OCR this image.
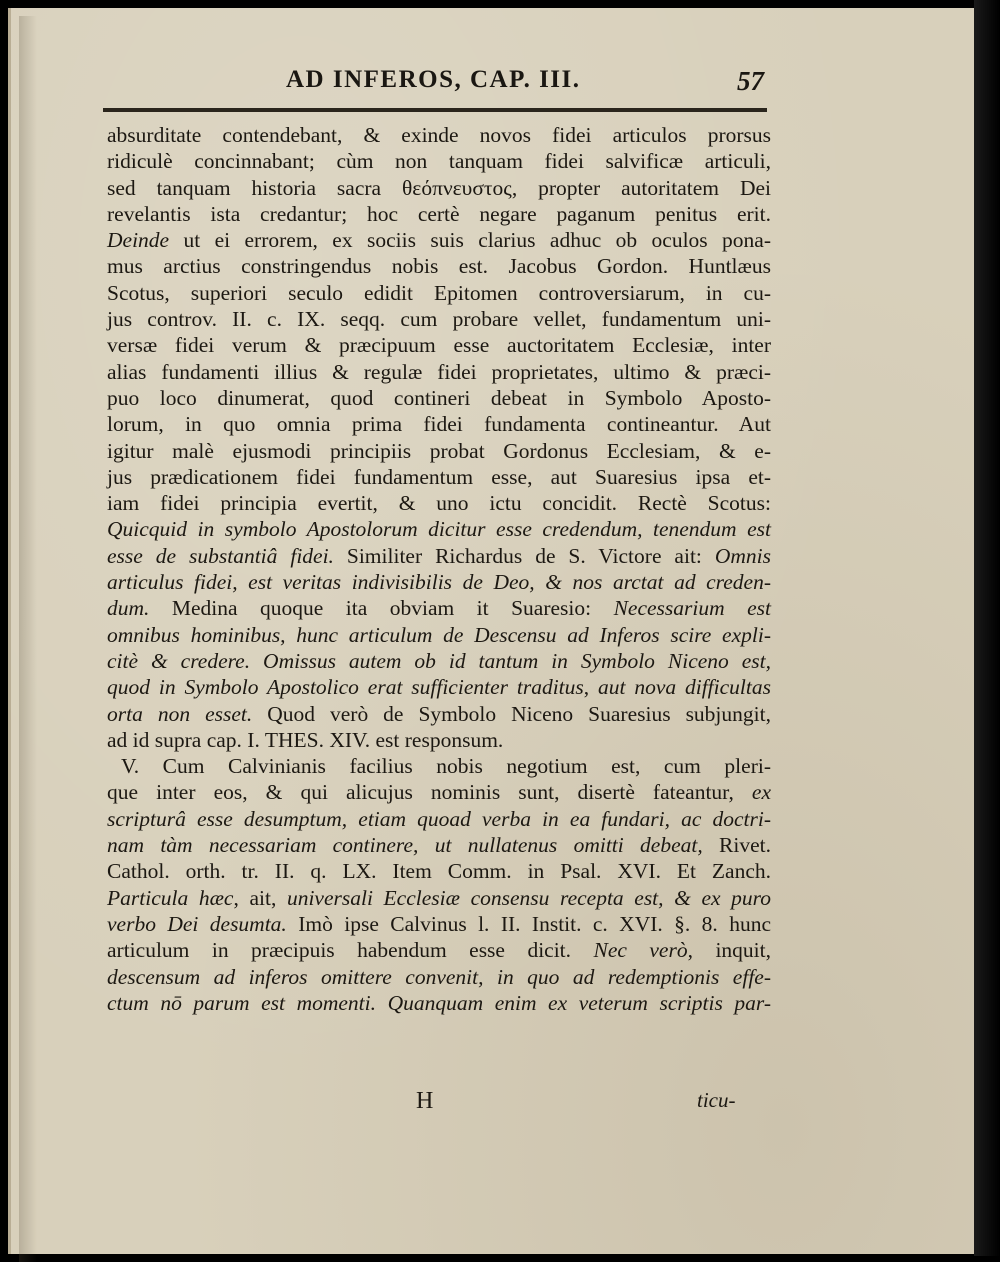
AD INFEROS, CAP. III.	57
absurditate contendebant, & exinde novos fidei articulos prorsus
ridiculè concinnabant; cùm non tanquam fidei salvificæ articuli,
sed tanquam historia sacra θεόπνευστος, propter autoritatem Dei
revelantis ista credantur; hoc certè negare paganum penitus erit.
Deinde ut ei errorem, ex sociis suis clarius adhuc ob oculos pona-
mus arctius constringendus nobis est. Jacobus Gordon. Huntlæus
Scotus, superiori seculo edidit Epitomen controversiarum, in cu-
jus controv. II. c. IX. seqq. cum probare vellet, fundamentum uni-
versæ fidei verum & præcipuum esse auctoritatem Ecclesiæ, inter
alias fundamenti illius & regulæ fidei proprietates, ultimo & præci-
puo loco dinumerat, quod contineri debeat in Symbolo Aposto-
lorum, in quo omnia prima fidei fundamenta contineantur. Aut
igitur malè ejusmodi principiis probat Gordonus Ecclesiam, & e-
jus prædicationem fidei fundamentum esse, aut Suaresius ipsa et-
iam fidei principia evertit, & uno ictu concidit. Rectè Scotus:
Quicquid in symbolo Apostolorum dicitur esse credendum, tenendum est
esse de substantiâ fidei. Similiter Richardus de S. Victore ait: Omnis
articulus fidei, est veritas indivisibilis de Deo, & nos arctat ad creden-
dum. Medina quoque ita obviam it Suaresio: Necessarium est
omnibus hominibus, hunc articulum de Descensu ad Inferos scire expli-
citè & credere. Omissus autem ob id tantum in Symbolo Niceno est,
quod in Symbolo Apostolico erat sufficienter traditus, aut nova difficultas
orta non esset. Quod verò de Symbolo Niceno Suaresius subjungit,
ad id supra cap. I. THES. XIV. est responsum.
V. Cum Calvinianis facilius nobis negotium est, cum pleri-
que inter eos, & qui alicujus nominis sunt, disertè fateantur, ex
scripturâ esse desumptum, etiam quoad verba in ea fundari, ac doctri-
nam tàm necessariam continere, ut nullatenus omitti debeat, Rivet.
Cathol. orth. tr. II. q. LX. Item Comm. in Psal. XVI. Et Zanch.
Particula hæc, ait, universali Ecclesiæ consensu recepta est, & ex puro
verbo Dei desumta. Imò ipse Calvinus l. II. Instit. c. XVI. §. 8. hunc
articulum in præcipuis habendum esse dicit. Nec verò, inquit,
descensum ad inferos omittere convenit, in quo ad redemptionis effe-
ctum nō parum est momenti. Quanquam enim ex veterum scriptis par-
H	ticu-
